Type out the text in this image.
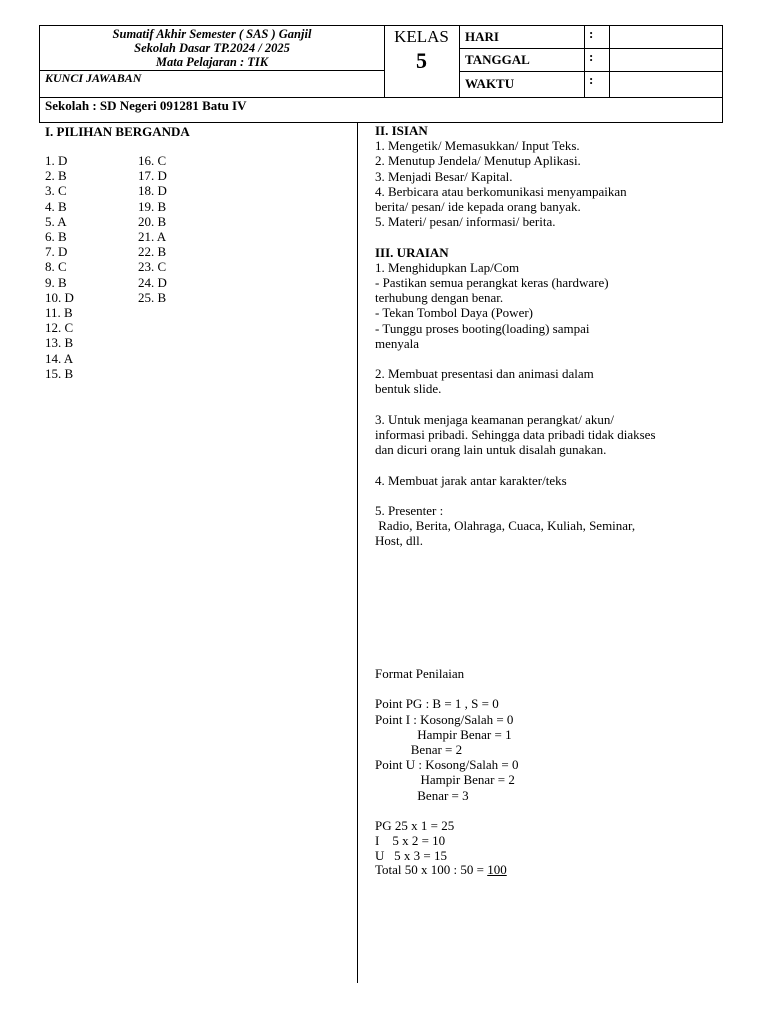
Sumatif Akhir Semester ( SAS ) Ganjil
Sekolah Dasar TP.2024 / 2025
Mata Pelajaran : TIK
KUNCI JAWABAN
KELAS
5
HARI
TANGGAL
WAKTU
:
:
:
Sekolah : SD Negeri 091281 Batu IV
I. PILIHAN BERGANDA
1. D
2. B
3. C
4. B
5. A
6. B
7. D
8. C
9. B
10. D
11. B
12. C
13. B
14. A
15. B
16. C
17. D
18. D
19. B
20. B
21. A
22. B
23. C
24. D
25. B
II. ISIAN
1. Mengetik/ Memasukkan/ Input Teks.
2. Menutup Jendela/ Menutup Aplikasi.
3. Menjadi Besar/ Kapital.
4. Berbicara atau berkomunikasi menyampaikan
berita/ pesan/ ide kepada orang banyak.
5. Materi/ pesan/ informasi/ berita.
III. URAIAN
1. Menghidupkan Lap/Com
- Pastikan semua perangkat keras (hardware)
terhubung dengan benar.
- Tekan Tombol Daya (Power)
- Tunggu proses booting(loading) sampai
menyala
2. Membuat presentasi dan animasi dalam
bentuk slide.
3. Untuk menjaga keamanan perangkat/ akun/
informasi pribadi. Sehingga data pribadi tidak diakses
dan dicuri orang lain untuk disalah gunakan.
4. Membuat jarak antar karakter/teks
5. Presenter :
Radio, Berita, Olahraga, Cuaca, Kuliah, Seminar,
Host, dll.
Format Penilaian
Point PG : B = 1 , S = 0
Point I : Kosong/Salah = 0
Hampir Benar = 1
Benar = 2
Point U : Kosong/Salah = 0
Hampir Benar = 2
Benar = 3
PG 25 x 1 = 25
I    5 x 2 = 10
U   5 x 3 = 15
Total 50 x 100 : 50 = 100
